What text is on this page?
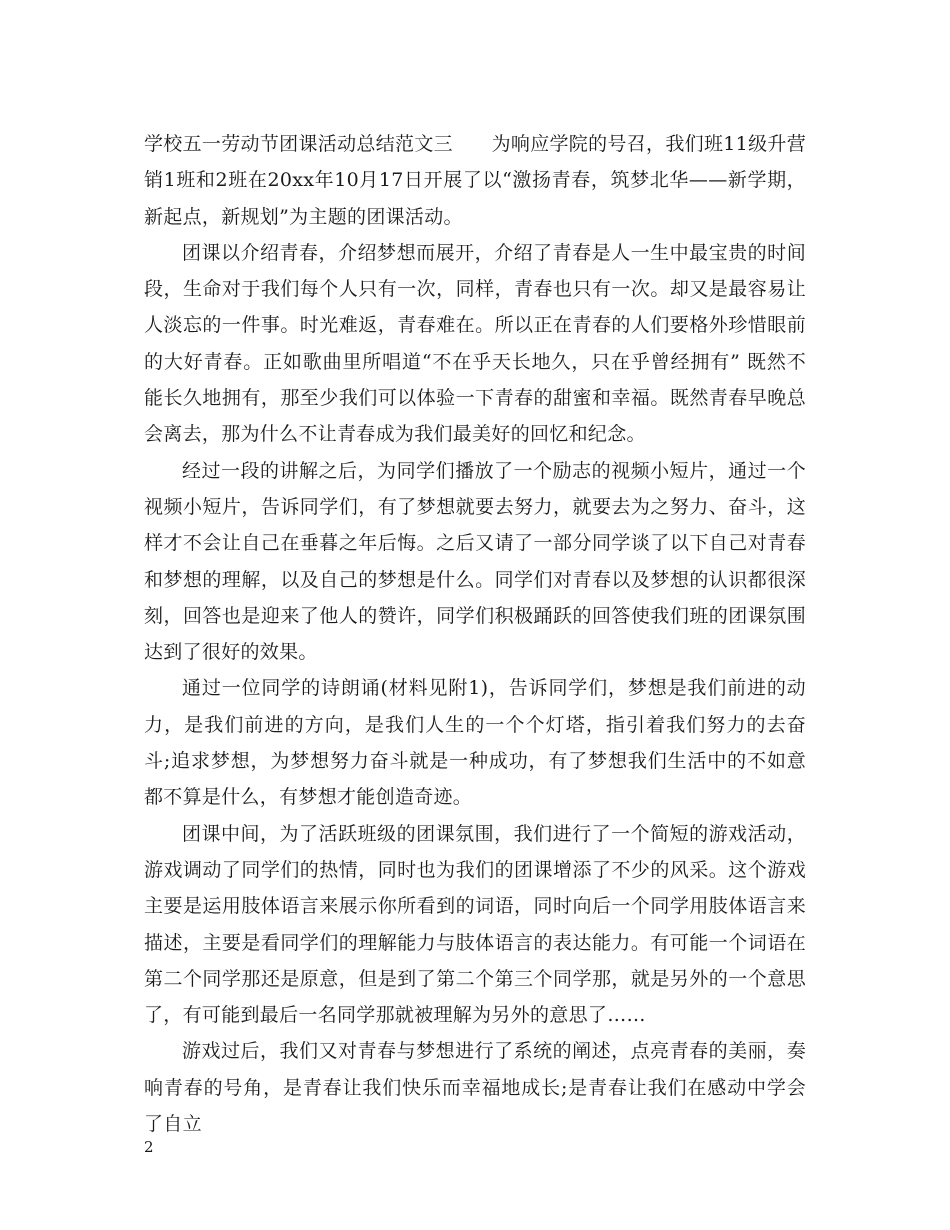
学校五一劳动节团课活动总结范文三　　为响应学院的号召，我们班11级升营销1班和2班在20xx年10月17日开展了以“激扬青春，筑梦北华——新学期，新起点，新规划”为主题的团课活动。

团课以介绍青春，介绍梦想而展开，介绍了青春是人一生中最宝贵的时间段，生命对于我们每个人只有一次，同样，青春也只有一次。却又是最容易让人淡忘的一件事。时光难返，青春难在。所以正在青春的人们要格外珍惜眼前的大好青春。正如歌曲里所唱道“不在乎天长地久，只在乎曾经拥有” 既然不能长久地拥有，那至少我们可以体验一下青春的甜蜜和幸福。既然青春早晚总会离去，那为什么不让青春成为我们最美好的回忆和纪念。

经过一段的讲解之后，为同学们播放了一个励志的视频小短片，通过一个视频小短片，告诉同学们，有了梦想就要去努力，就要去为之努力、奋斗，这样才不会让自己在垂暮之年后悔。之后又请了一部分同学谈了以下自己对青春和梦想的理解，以及自己的梦想是什么。同学们对青春以及梦想的认识都很深刻，回答也是迎来了他人的赞许，同学们积极踊跃的回答使我们班的团课氛围达到了很好的效果。

通过一位同学的诗朗诵(材料见附1)，告诉同学们，梦想是我们前进的动力，是我们前进的方向，是我们人生的一个个灯塔，指引着我们努力的去奋斗;追求梦想，为梦想努力奋斗就是一种成功，有了梦想我们生活中的不如意都不算是什么，有梦想才能创造奇迹。

团课中间，为了活跃班级的团课氛围，我们进行了一个简短的游戏活动，游戏调动了同学们的热情，同时也为我们的团课增添了不少的风采。这个游戏主要是运用肢体语言来展示你所看到的词语，同时向后一个同学用肢体语言来描述，主要是看同学们的理解能力与肢体语言的表达能力。有可能一个词语在第二个同学那还是原意，但是到了第二个第三个同学那，就是另外的一个意思了，有可能到最后一名同学那就被理解为另外的意思了……

游戏过后，我们又对青春与梦想进行了系统的阐述，点亮青春的美丽，奏响青春的号角，是青春让我们快乐而幸福地成长;是青春让我们在感动中学会了自立

2
